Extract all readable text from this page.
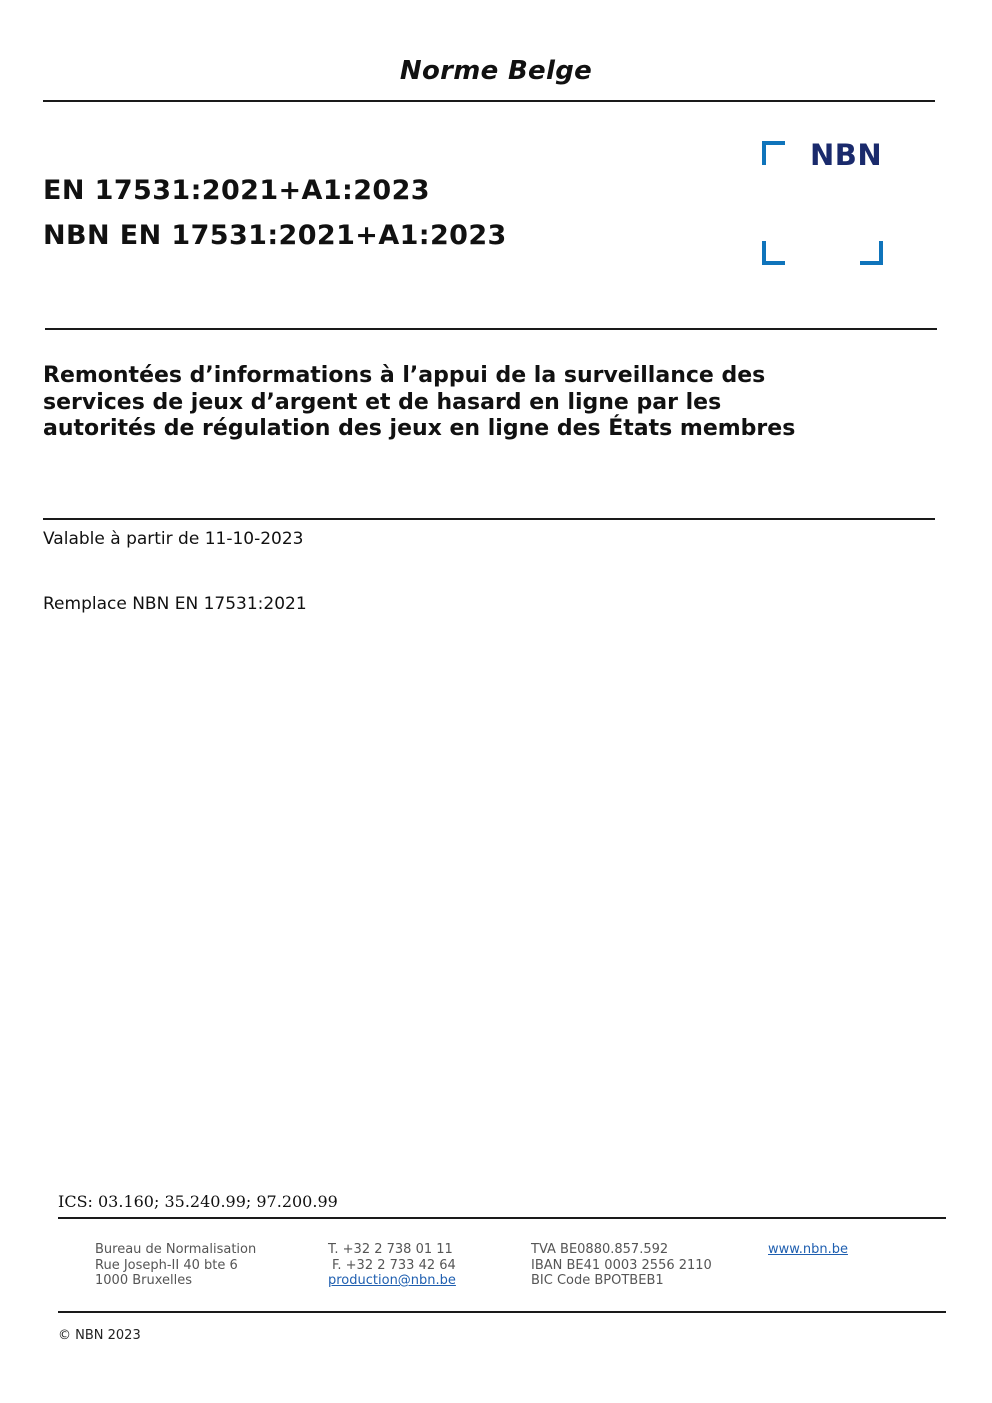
Norme Belge
EN 17531:2021+A1:2023
NBN EN 17531:2021+A1:2023
NBN
Remontées d’informations à l’appui de la surveillance des
services de jeux d’argent et de hasard en ligne par les
autorités de régulation des jeux en ligne des États membres
Valable à partir de 11-10-2023
Remplace NBN EN 17531:2021
ICS: 03.160; 35.240.99; 97.200.99
Bureau de Normalisation
Rue Joseph-II 40 bte 6
1000 Bruxelles
T. +32 2 738 01 11
F. +32 2 733 42 64
production@nbn.be
TVA BE0880.857.592
IBAN BE41 0003 2556 2110
BIC Code BPOTBEB1
www.nbn.be
© NBN 2023
